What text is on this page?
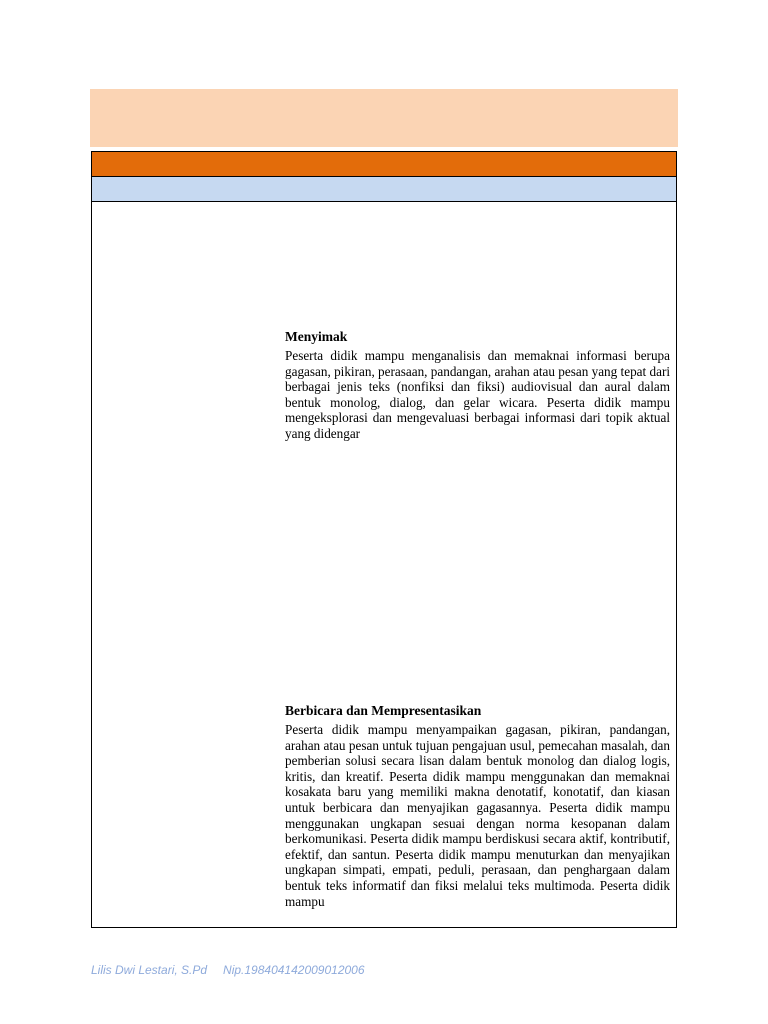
Menyimak

Peserta didik mampu menganalisis dan memaknai informasi berupa gagasan, pikiran, perasaan, pandangan, arahan atau pesan yang tepat dari berbagai jenis teks (nonfiksi dan fiksi) audiovisual dan aural dalam bentuk monolog, dialog, dan gelar wicara. Peserta didik mampu mengeksplorasi dan mengevaluasi berbagai informasi dari topik aktual yang didengar

Berbicara dan Mempresentasikan

Peserta didik mampu menyampaikan gagasan, pikiran, pandangan, arahan atau pesan untuk tujuan pengajuan usul, pemecahan masalah, dan pemberian solusi secara lisan dalam bentuk monolog dan dialog logis, kritis, dan kreatif. Peserta didik mampu menggunakan dan memaknai kosakata baru yang memiliki makna denotatif, konotatif, dan kiasan untuk berbicara dan menyajikan gagasannya. Peserta didik mampu menggunakan ungkapan sesuai dengan norma kesopanan dalam berkomunikasi. Peserta didik mampu berdiskusi secara aktif, kontributif, efektif, dan santun. Peserta didik mampu menuturkan dan menyajikan ungkapan simpati, empati, peduli, perasaan, dan penghargaan dalam bentuk teks informatif dan fiksi melalui teks multimoda. Peserta didik mampu

Lilis Dwi Lestari, S.Pd Nip.198404142009012006
